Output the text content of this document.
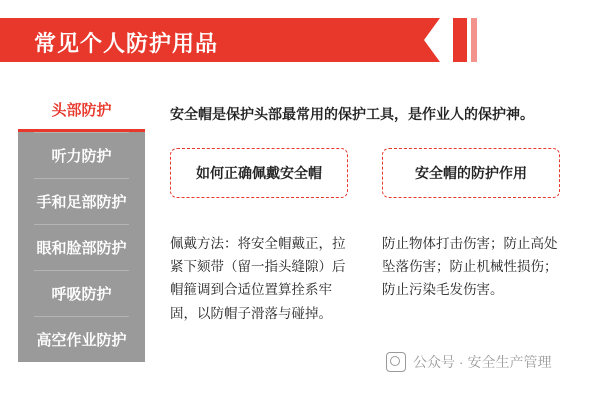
常见个人防护用品
头部防护
听力防护
手和足部防护
眼和脸部防护
呼吸防护
高空作业防护
安全帽是保护头部最常用的保护工具，是作业人的保护神。
如何正确佩戴安全帽
佩戴方法：将安全帽戴正，拉紧下颏带（留一指头缝隙）后帽箍调到合适位置算拴系牢固，以防帽子滑落与碰掉。
安全帽的防护作用
防止物体打击伤害；防止高处坠落伤害；防止机械性损伤；防止污染毛发伤害。
公众号 · 安全生产管理
